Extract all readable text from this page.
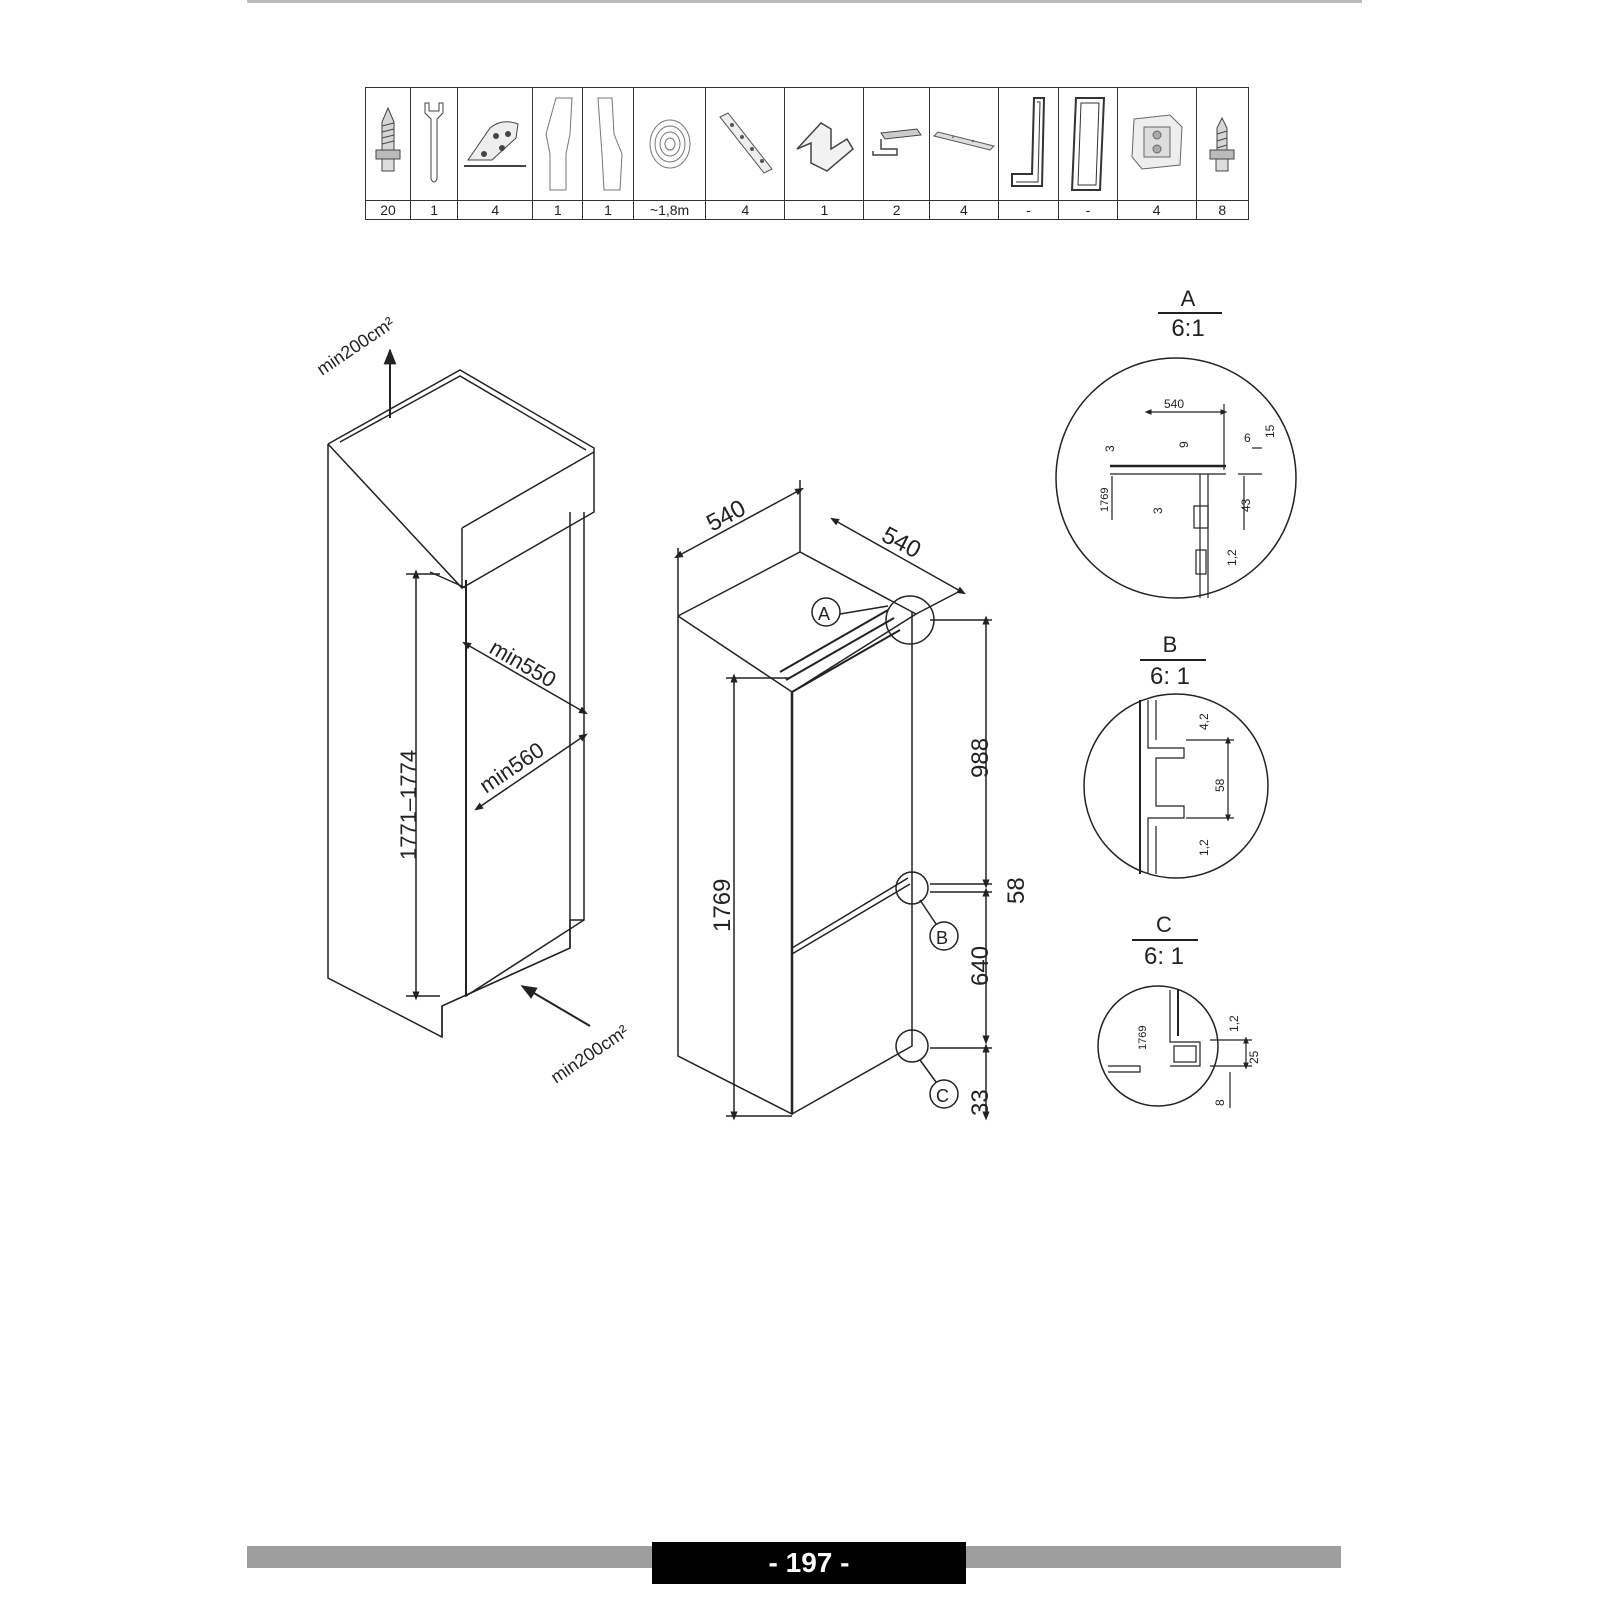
20	1	4	1	1	~1,8m	4	1	2	4	-	-	4	8
min200cm²
min200cm²
1771–1774
min550
min560
540
540
1769
988
58
640
33
A
B
C
A
6:1
540
9	6 15
3
1769	3	43
1,2
B
6: 1
4,2
58
1,2
C
6: 1
1,2
1769
25
8
- 197 -
